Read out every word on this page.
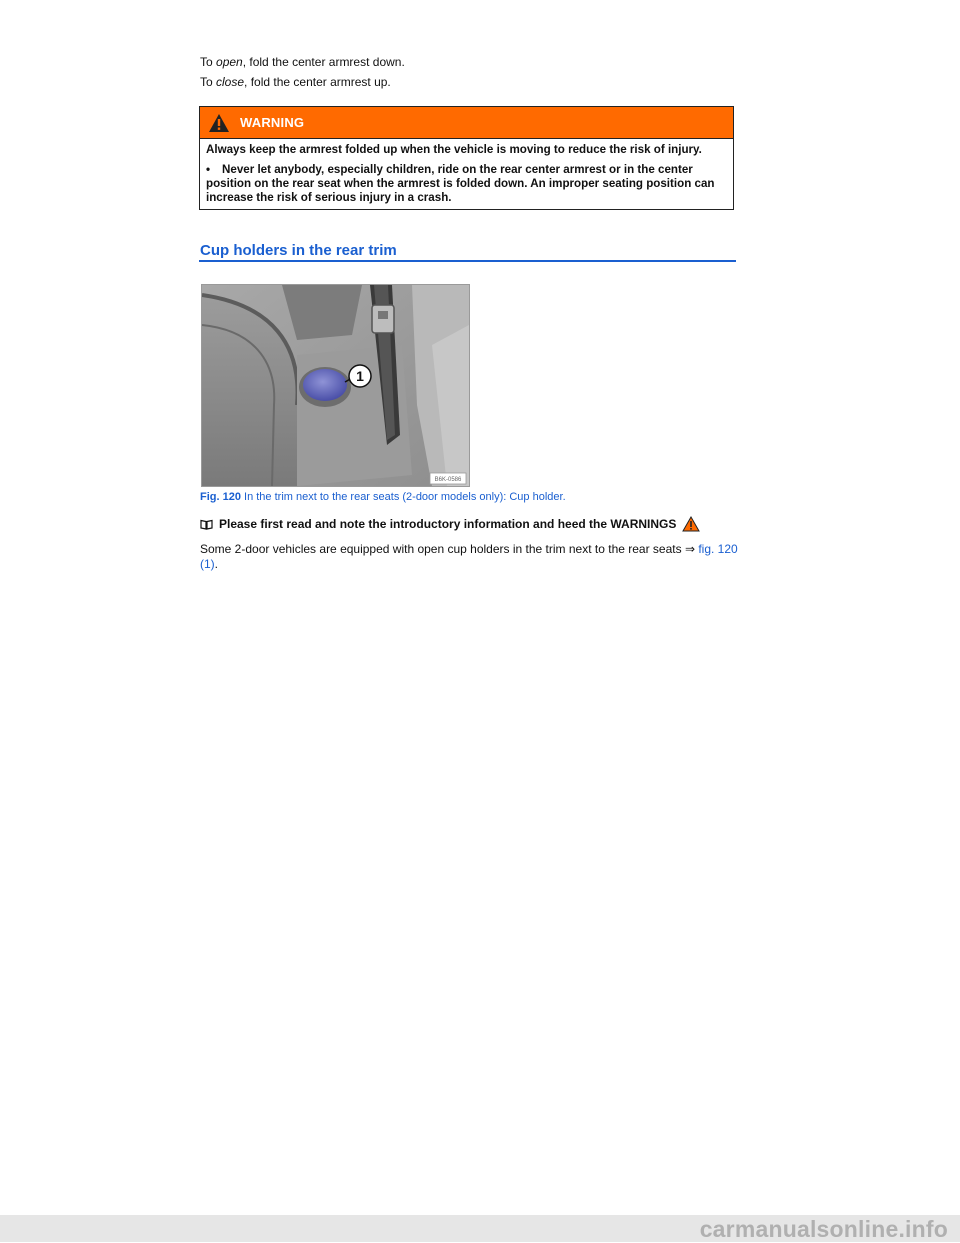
To open, fold the center armrest down.

To close, fold the center armrest up.

WARNING

Always keep the armrest folded up when the vehicle is moving to reduce the risk of injury.

• Never let anybody, especially children, ride on the rear center armrest or in the center position on the rear seat when the armrest is folded down. An improper seating position can increase the risk of serious injury in a crash.

Cup holders in the rear trim
1
B6K-0586

Fig. 120 In the trim next to the rear seats (2-door models only): Cup holder.

Please first read and note the introductory information and heed the WARNINGS

Some 2-door vehicles are equipped with open cup holders in the trim next to the rear seats ⇒ fig. 120 (1).

carmanualsonline.info
